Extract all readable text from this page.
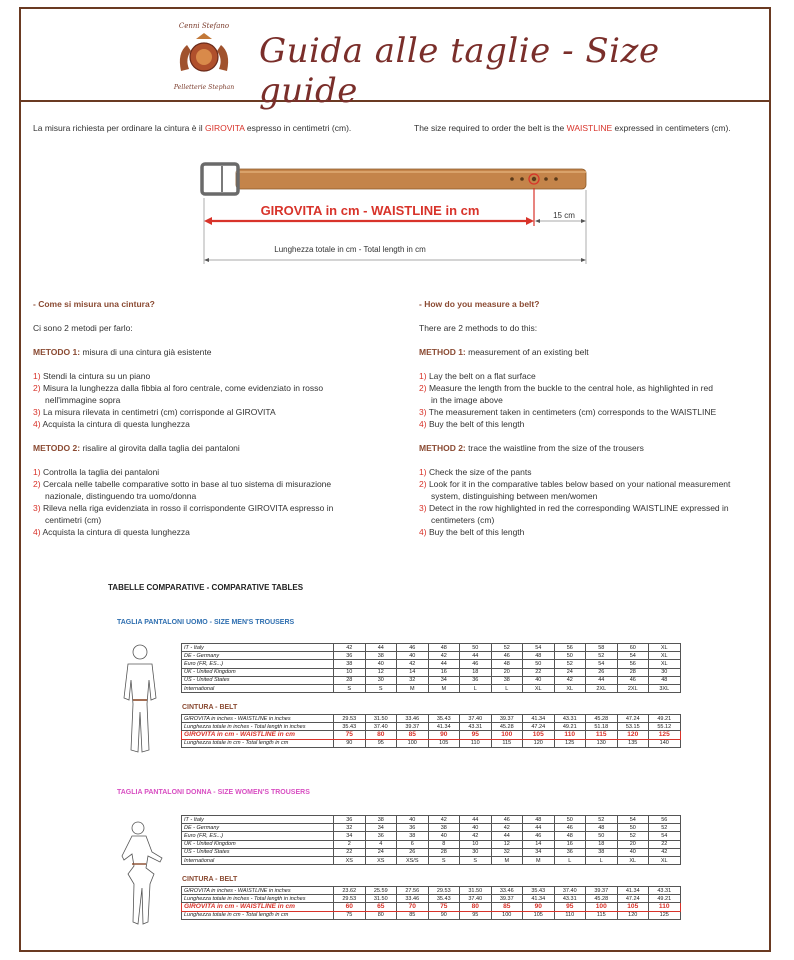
Cenni Stefano
Pelletterie Stephan
Guida alle taglie - Size guide
La misura richiesta per ordinare la cintura è il GIROVITA espresso in centimetri (cm).	The size required to order the belt is the WAISTLINE expressed in centimeters (cm).
GIROVITA in cm - WAISTLINE in cm	15 cm
Lunghezza totale in cm - Total length in cm
- Come si misura una cintura?
Ci sono 2 metodi per farlo:
METODO 1: misura di una cintura già esistente
1) Stendi la cintura su un piano
2) Misura la lunghezza dalla fibbia al foro centrale, come evidenziato in rosso
nell'immagine sopra
3) La misura rilevata in centimetri (cm) corrisponde al GIROVITA
4) Acquista la cintura di questa lunghezza
METODO 2: risalire al girovita dalla taglia dei pantaloni
1) Controlla la taglia dei pantaloni
2) Cercala nelle tabelle comparative sotto in base al tuo sistema di misurazione
nazionale, distinguendo tra uomo/donna
3) Rileva nella riga evidenziata in rosso il corrispondente GIROVITA espresso in
centimetri (cm)
4) Acquista la cintura di questa lunghezza
- How do you measure a belt?
There are 2 methods to do this:
METHOD 1: measurement of an existing belt
1) Lay the belt on a flat surface
2) Measure the length from the buckle to the central hole, as highlighted in red
in the image above
3) The measurement taken in centimeters (cm) corresponds to the WAISTLINE
4) Buy the belt of this length
METHOD 2: trace the waistline from the size of the trousers
1) Check the size of the pants
2) Look for it in the comparative tables below based on your national measurement
system, distinguishing between men/women
3) Detect in the row highlighted in red the corresponding WAISTLINE expressed in
centimeters (cm)
4) Buy the belt of this length
TABELLE COMPARATIVE - COMPARATIVE TABLES
TAGLIA PANTALONI UOMO - SIZE MEN'S TROUSERS
IT - Italy	42	44	46	48	50	52	54	56	58	60	XL
DE - Germany	36	38	40	42	44	46	48	50	52	54	XL
Euro (FR, ES...)	38	40	42	44	46	48	50	52	54	56	XL
UK - United Kingdom	10	12	14	16	18	20	22	24	26	28	30
US - United States	28	30	32	34	36	38	40	42	44	46	48
International	S	S	M	M	L	L	XL	XL	2XL	2XL	3XL
CINTURA - BELT
GIROVITA in inches - WAISTLINE in inches	29.53	31.50	33.46	35.43	37.40	39.37	41.34	43.31	45.28	47.24	49.21
Lunghezza totale in inches - Total length in inches	35.43	37.40	39.37	41.34	43.31	45.28	47.24	49.21	51.18	53.15	55.12
GIROVITA in cm - WAISTLINE in cm	75	80	85	90	95	100	105	110	115	120	125
Lunghezza totale in cm - Total length in cm	90	95	100	105	110	115	120	125	130	135	140
TAGLIA PANTALONI DONNA - SIZE WOMEN'S TROUSERS
IT - Italy	36	38	40	42	44	46	48	50	52	54	56
DE - Germany	32	34	36	38	40	42	44	46	48	50	52
Euro (FR, ES...)	34	36	38	40	42	44	46	48	50	52	54
UK - United Kingdom	2	4	6	8	10	12	14	16	18	20	22
US - United States	22	24	26	28	30	32	34	36	38	40	42
International	XS	XS	XS/S	S	S	M	M	L	L	XL	XL
CINTURA - BELT
GIROVITA in inches - WAISTLINE in inches	23.62	25.59	27.56	29.53	31.50	33.46	35.43	37.40	39.37	41.34	43.31
Lunghezza totale in inches - Total length in inches	29.53	31.50	33.46	35.43	37.40	39.37	41.34	43.31	45.28	47.24	49.21
GIROVITA in cm - WAISTLINE in cm	60	65	70	75	80	85	90	95	100	105	110
Lunghezza totale in cm - Total length in cm	75	80	85	90	95	100	105	110	115	120	125
